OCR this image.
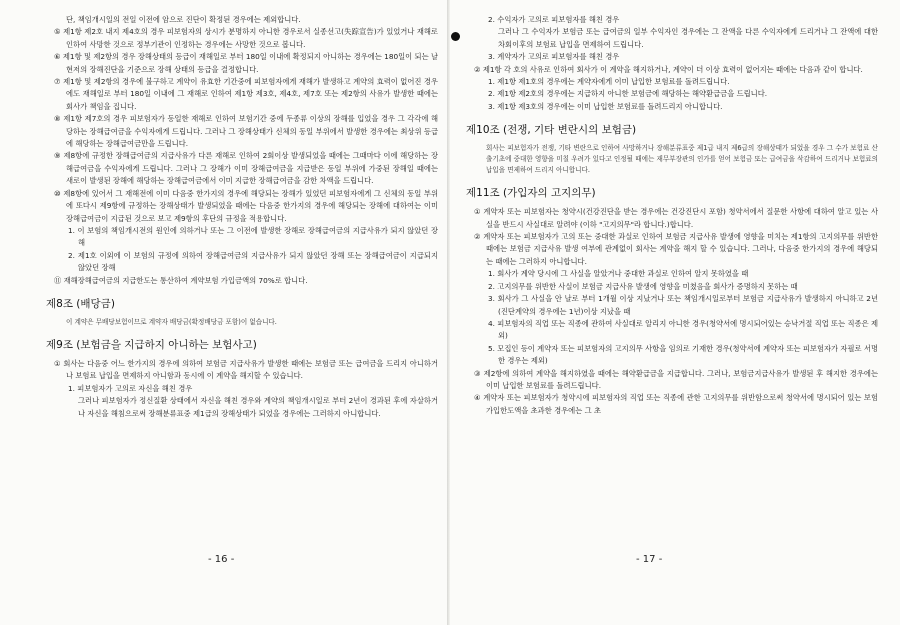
단, 책임개시일의 전일 이전에 암으로 진단이 확정된 경우에는 제외합니다.

⑤ 제1항 제2호 내지 제4호의 경우 피보험자의 상시가 분명하지 아니한 경우로서 실종선고(失踪宣告)가 있었거나 재해로 인하여 사망한 것으로 정부기관이 인정하는 경우에는 사망한 것으로 봅니다.

⑥ 제1항 및 제2항의 경우 장해상태의 등급이 재해일로 부터 180일 이내에 확정되지 아니하는 경우에는 180일이 되는 날 현저의 장해진단을 기준으로 장해 상태의 등급을 결정합니다.

⑦ 제1항 및 제2항의 경우에 불구하고 계약이 유효한 기간중에 피보험자에게 재해가 발생하고 계약의 효력이 없어진 경우에도 재해일로 부터 180일 이내에 그 재해로 인하여 제1항 제3호, 제4호, 제7호 또는 제2항의 사유가 발생한 때에는 회사가 책임을 집니다.

⑧ 제1항 제7호의 경우 피보험자가 동일한 재해로 인하여 보험기간 중에 두종류 이상의 장해를 입었을 경우 그 각각에 해당하는 장해급여금을 수익자에게 드립니다. 그러나 그 장해상태가 신체의 동일 부위에서 발생한 경우에는 최상위 등급에 해당하는 장해급여금만을 드립니다.

⑨ 제8항에 규정한 장해급여금의 지급사유가 다른 재해로 인하여 2회이상 발생되었을 때에는 그때마다 이에 해당하는 장해급여금을 수익자에게 드립니다. 그러나 그 장해가 이미 장해급여금을 지급받은 동일 부위에 가중된 장해일 때에는 새로이 발생된 장해에 해당하는 장해급여금에서 이미 지급한 장해급여금을 감한 차액을 드립니다.

⑩ 제8항에 있어서 그 재해전에 이미 다음중 한가지의 경우에 해당되는 장해가 있었던 피보험자에게 그 신체의 동일 부위에 또다시 제9항에 규정하는 장해상태가 발생되었을 때에는 다음중 한가지의 경우에 해당되는 장해에 대하여는 이미 장해급여금이 지급된 것으로 보고 제9항의 후단의 규정을 적용합니다.

1. 이 보험의 책임개시전의 원인에 의하거나 또는 그 이전에 발생한 장해로 장해급여금의 지급사유가 되지 않았던 장해

2. 제1호 이외에 이 보험의 규정에 의하여 장해급여금의 지급사유가 되지 않았던 장해 또는 장해급여금이 지급되지 않았던 장해

⑪ 재해장해급여금의 지급한도는 통산하여 계약보험 가입금액의 70%로 합니다.

제8조 (배당금)

이 계약은 무배당보험이므로 계약자 배당금(확정배당금 포함)이 없습니다.

제9조 (보험금을 지급하지 아니하는 보험사고)

① 회사는 다음중 어느 한가지의 경우에 의하여 보험금 지급사유가 발생한 때에는 보험금 또는 급여금을 드리지 아니하거나 보험료 납입을 면제하지 아니함과 동시에 이 계약을 해지할 수 있습니다.

1. 피보험자가 고의로 자신을 해친 경우

그러나 피보험자가 정신질환 상태에서 자신을 해친 경우와 계약의 책임개시일로 부터 2년이 경과된 후에 자살하거나 자신을 해침으로써 장해분류표중 제1급의 장해상태가 되었을 경우에는 그러하지 아니합니다.

- 16 -

2. 수익자가 고의로 피보험자를 해친 경우

그러나 그 수익자가 보험금 또는 급여금의 일부 수익자인 경우에는 그 잔액을 다른 수익자에게 드리거나 그 잔액에 대한 차회이후의 보험료 납입을 면제하여 드립니다.

3. 계약자가 고의로 피보험자를 해친 경우

② 제1항 각 호의 사유로 인하여 회사가 이 계약을 해지하거나, 계약이 더 이상 효력이 없어지는 때에는 다음과 같이 합니다.

1. 제1항 제1호의 경우에는 계약자에게 이미 납입한 보험료를 돌려드립니다.

2. 제1항 제2호의 경우에는 지급하지 아니한 보험금에 해당하는 해약환급금을 드립니다.

3. 제1항 제3호의 경우에는 이미 납입한 보험료를 돌려드리지 아니합니다.

제10조 (전쟁, 기타 변란시의 보험금)

회사는 피보험자가 전쟁, 기타 변란으로 인하여 사망하거나 장해분류표중 제1급 내지 제6급의 장해상태가 되었을 경우 그 수가 보험료 산출기초에 중대한 영향을 미칠 우려가 있다고 인정될 때에는 재무부장관의 인가를 얻어 보험금 또는 급여금을 삭감하여 드리거나 보험료의 납입을 면제하여 드리지 아니합니다.

제11조 (가입자의 고지의무)

① 계약자 또는 피보험자는 청약시(건강진단을 받는 경우에는 건강진단시 포함) 청약서에서 질문한 사항에 대하여 알고 있는 사실을 반드시 사실대로 알려야 (이하 "고지의무"라 합니다.)합니다.

② 계약자 또는 피보험자가 고의 또는 중대한 과실로 인하여 보험금 지급사유 발생에 영향을 미치는 제1항의 고지의무를 위반한 때에는 보험금 지급사유 발생 여부에 관계없이 회사는 계약을 해지 할 수 있습니다. 그러나, 다음중 한가지의 경우에 해당되는 때에는 그러하지 아니합니다.

1. 회사가 계약 당시에 그 사실을 알았거나 중대한 과실로 인하여 알지 못하였을 때

2. 고지의무를 위반한 사실이 보험금 지급사유 발생에 영향을 미쳤음을 회사가 증명하지 못하는 때

3. 회사가 그 사실을 안 날로 부터 1개월 이상 지났거나 또는 책임개시일로부터 보험금 지급사유가 발생하지 아니하고 2년(진단계약의 경우에는 1년)이상 지났을 때

4. 피보험자의 직업 또는 직종에 관하여 사실대로 알리지 아니한 경우(청약서에 명시되어있는 승낙거절 직업 또는 직종은 제외)

5. 모집인 등이 계약자 또는 피보험자의 고지의무 사항을 임의로 기재한 경우(청약서에 계약자 또는 피보험자가 자필로 서명한 경우는 제외)

③ 제2항에 의하여 계약을 해지하였을 때에는 해약환급금을 지급합니다. 그러나, 보험금지급사유가 발생된 후 해지한 경우에는 이미 납입한 보험료를 돌려드립니다.

④ 계약자 또는 피보험자가 청약시에 피보험자의 직업 또는 직종에 관한 고지의무를 위반함으로써 청약서에 명시되어 있는 보험가입한도액을 초과한 경우에는 그 초

- 17 -
